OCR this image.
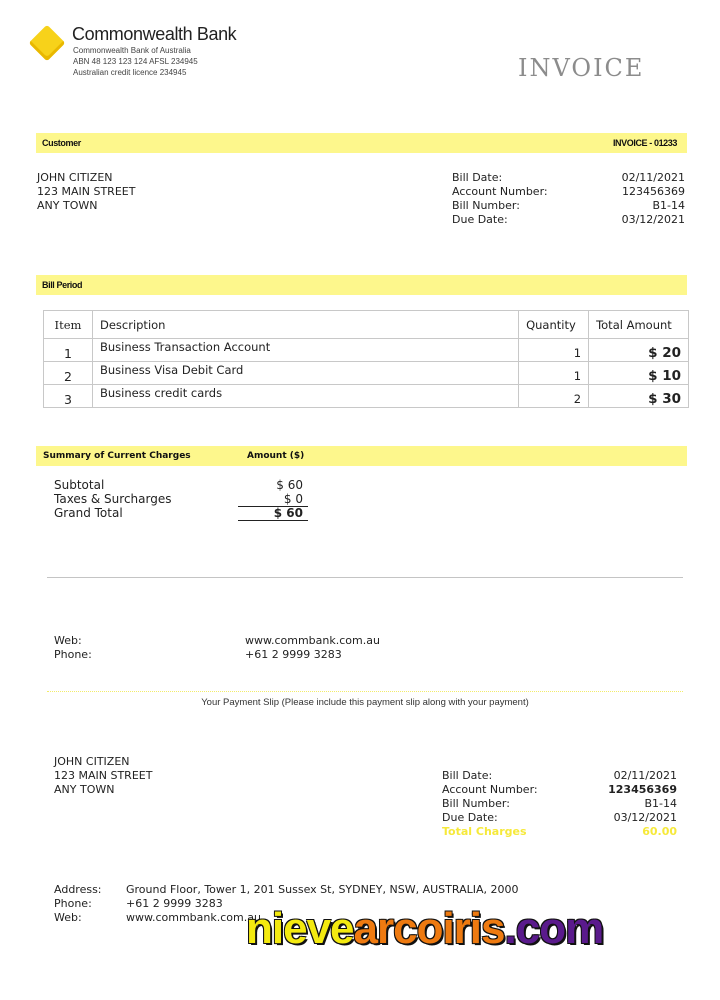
Commonwealth Bank
Commonwealth Bank of Australia
ABN 48 123 123 124 AFSL 234945
Australian credit licence 234945	INVOICE
Customer	INVOICE - 01233
JOHN CITIZEN
123 MAIN STREET
ANY TOWN
Bill Date:	02/11/2021
Account Number:	123456369
Bill Number:	B1-14
Due Date:	03/12/2021
Bill Period
Item	Description	Quantity	Total Amount
1	Business Transaction Account	1	$ 20
2	Business Visa Debit Card	1	$ 10
3	Business credit cards	2	$ 30
Summary of Current Charges	Amount ($)
Subtotal	$ 60
Taxes & Surcharges	$ 0
Grand Total	$ 60
Web:	www.commbank.com.au
Phone:	+61 2 9999 3283
Your Payment Slip (Please include this payment slip along with your payment)
JOHN CITIZEN
123 MAIN STREET
ANY TOWN
Bill Date:	02/11/2021
Account Number:	123456369
Bill Number:	B1-14
Due Date:	03/12/2021
Total Charges	60.00
Address: Ground Floor, Tower 1, 201 Sussex St, SYDNEY, NSW, AUSTRALIA, 2000
Phone:	+61 2 9999 3283
Web:	www.commbank.com.au
nievearcoiris.com
